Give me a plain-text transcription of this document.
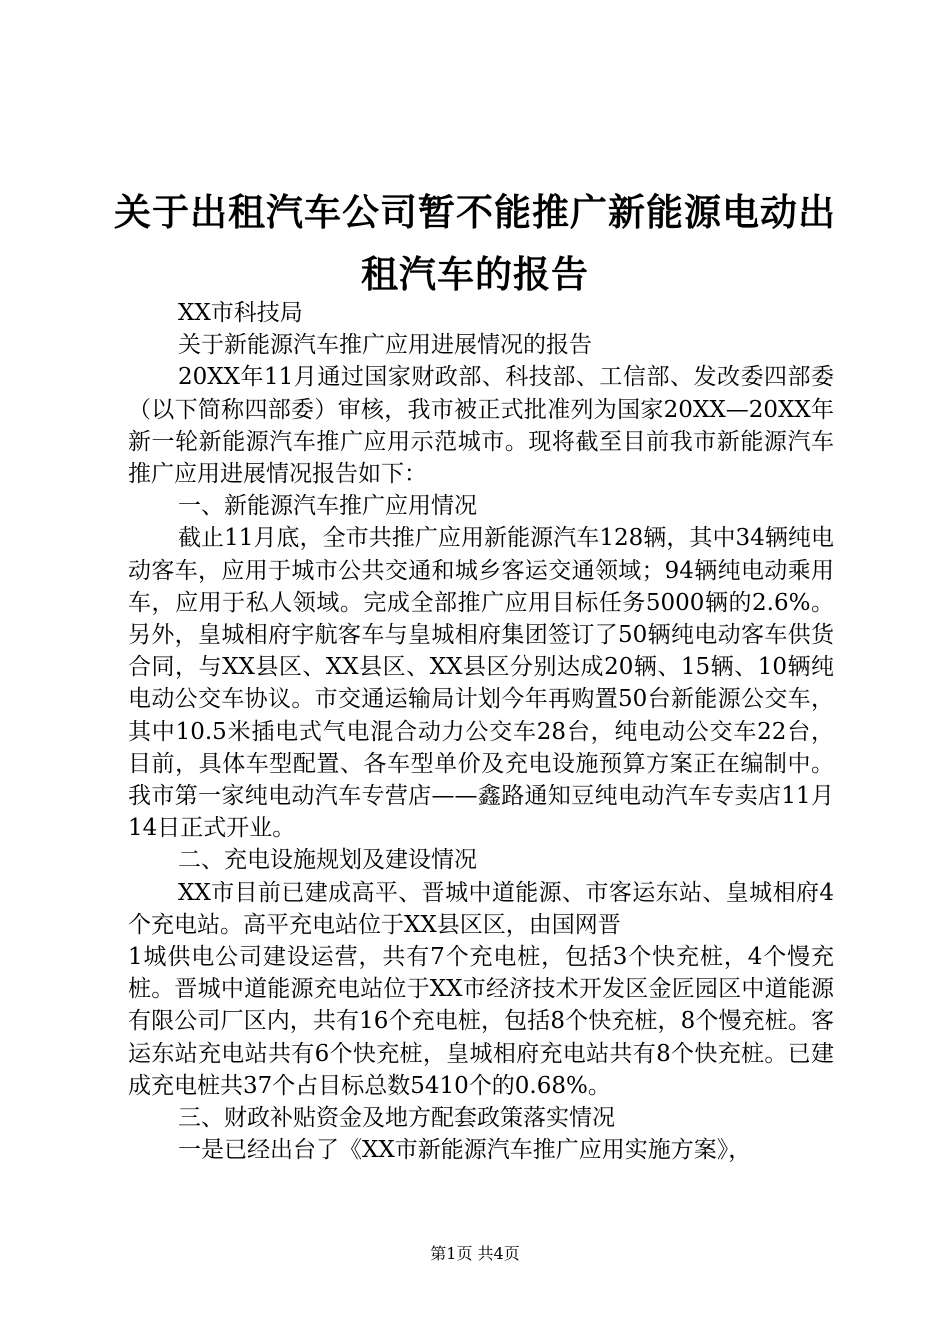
关于出租汽车公司暂不能推广新能源电动出租汽车的报告

XX市科技局

关于新能源汽车推广应用进展情况的报告

20XX年11月通过国家财政部、科技部、工信部、发改委四部委（以下简称四部委）审核，我市被正式批准列为国家20XX—20XX年新一轮新能源汽车推广应用示范城市。现将截至目前我市新能源汽车推广应用进展情况报告如下：

一、新能源汽车推广应用情况

截止11月底，全市共推广应用新能源汽车128辆，其中34辆纯电动客车，应用于城市公共交通和城乡客运交通领域；94辆纯电动乘用车，应用于私人领域。完成全部推广应用目标任务5000辆的2.6%。另外，皇城相府宇航客车与皇城相府集团签订了50辆纯电动客车供货合同，与XX县区、XX县区、XX县区分别达成20辆、15辆、10辆纯电动公交车协议。市交通运输局计划今年再购置50台新能源公交车，其中10.5米插电式气电混合动力公交车28台，纯电动公交车22台，目前，具体车型配置、各车型单价及充电设施预算方案正在编制中。我市第一家纯电动汽车专营店——鑫路通知豆纯电动汽车专卖店11月14日正式开业。

二、充电设施规划及建设情况

XX市目前已建成高平、晋城中道能源、市客运东站、皇城相府4个充电站。高平充电站位于XX县区区，由国网晋

1城供电公司建设运营，共有7个充电桩，包括3个快充桩，4个慢充桩。晋城中道能源充电站位于XX市经济技术开发区金匠园区中道能源有限公司厂区内，共有16个充电桩，包括8个快充桩，8个慢充桩。客运东站充电站共有6个快充桩，皇城相府充电站共有8个快充桩。已建成充电桩共37个占目标总数5410个的0.68%。

三、财政补贴资金及地方配套政策落实情况

一是已经出台了《XX市新能源汽车推广应用实施方案》，

第1页 共4页
